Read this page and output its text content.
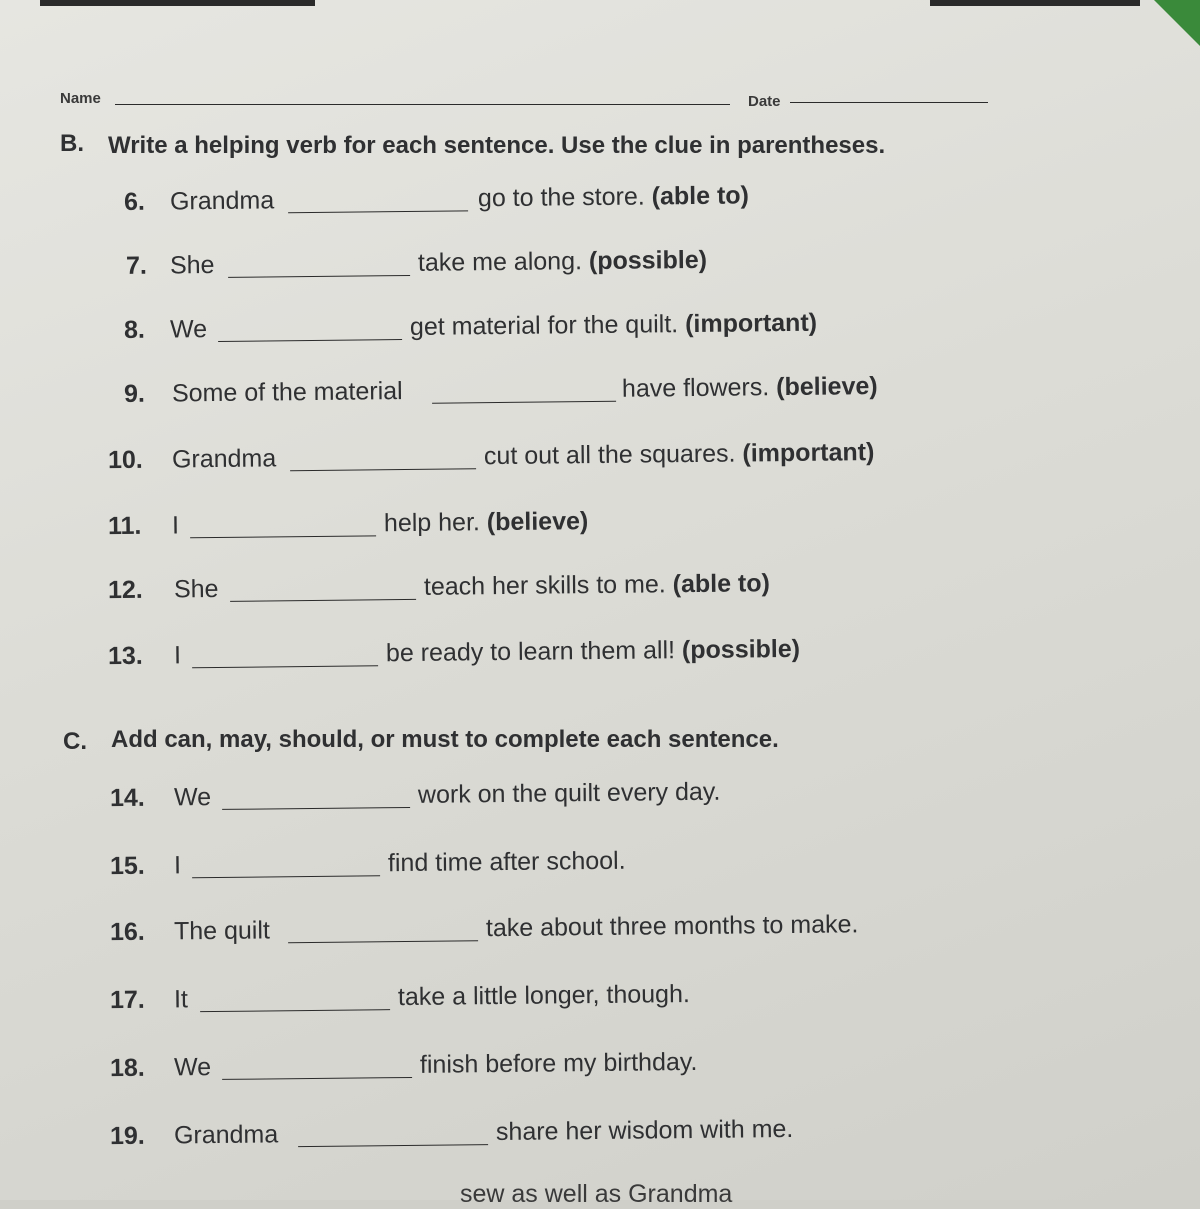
Name	Date
B. Write a helping verb for each sentence. Use the clue in parentheses.
6. Grandma	go to the store. (able to)
7. She	take me along. (possible)
8. We	get material for the quilt. (important)
9. Some of the material	have flowers. (believe)
10. Grandma	cut out all the squares. (important)
11. I	help her. (believe)
12. She	teach her skills to me. (able to)
13. I	be ready to learn them all! (possible)
C. Add can, may, should, or must to complete each sentence.
14. We	work on the quilt every day.
15. I	find time after school.
16. The quilt	take about three months to make.
17. It	take a little longer, though.
18. We	finish before my birthday.
19. Grandma	share her wisdom with me.
sew as well as Grandma
